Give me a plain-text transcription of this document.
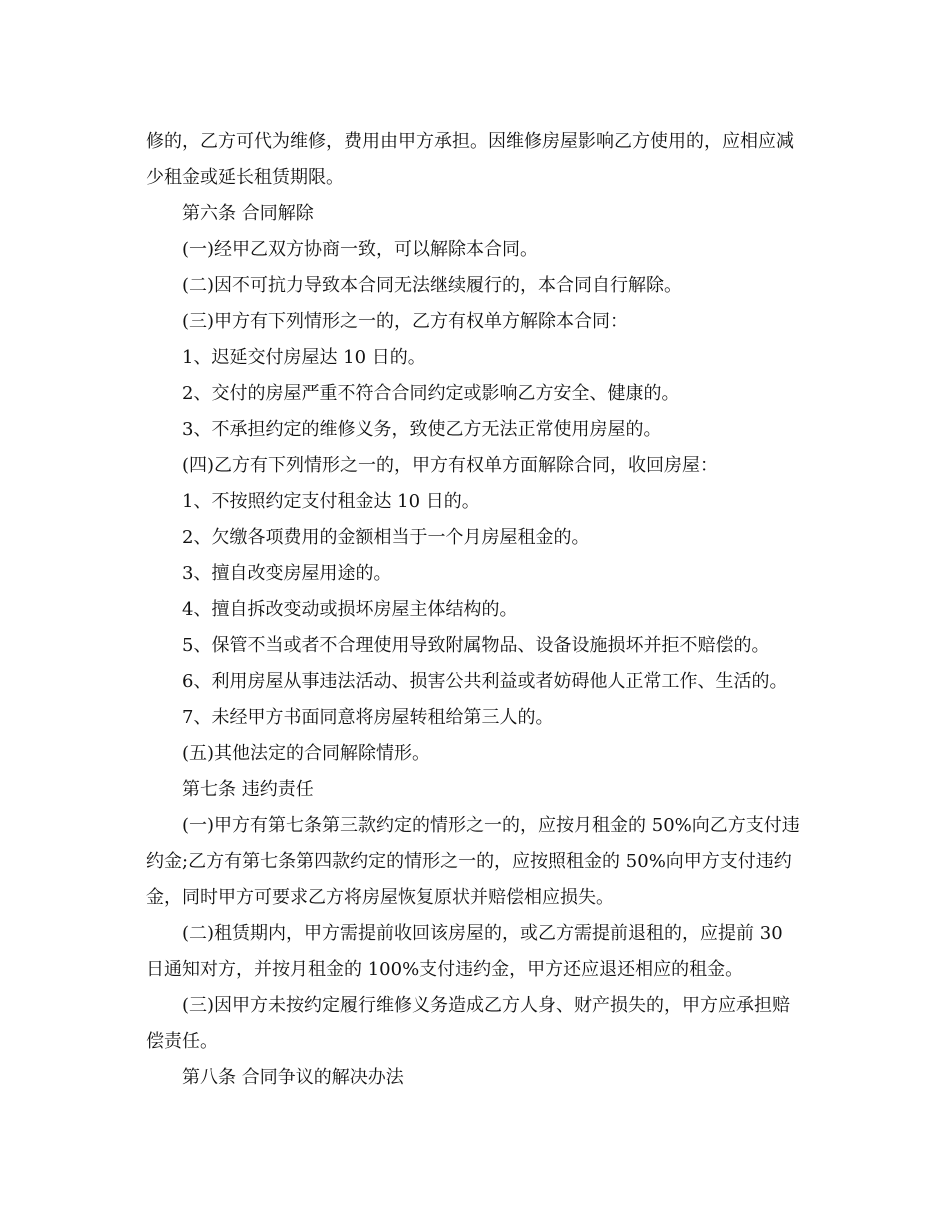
修的，乙方可代为维修，费用由甲方承担。因维修房屋影响乙方使用的，应相应减少租金或延长租赁期限。

第六条 合同解除

(一)经甲乙双方协商一致，可以解除本合同。

(二)因不可抗力导致本合同无法继续履行的，本合同自行解除。

(三)甲方有下列情形之一的，乙方有权单方解除本合同：

1、迟延交付房屋达 10 日的。

2、交付的房屋严重不符合合同约定或影响乙方安全、健康的。

3、不承担约定的维修义务，致使乙方无法正常使用房屋的。

(四)乙方有下列情形之一的，甲方有权单方面解除合同，收回房屋：

1、不按照约定支付租金达 10 日的。

2、欠缴各项费用的金额相当于一个月房屋租金的。

3、擅自改变房屋用途的。

4、擅自拆改变动或损坏房屋主体结构的。

5、保管不当或者不合理使用导致附属物品、设备设施损坏并拒不赔偿的。

6、利用房屋从事违法活动、损害公共利益或者妨碍他人正常工作、生活的。

7、未经甲方书面同意将房屋转租给第三人的。

(五)其他法定的合同解除情形。

第七条 违约责任

(一)甲方有第七条第三款约定的情形之一的，应按月租金的 50%向乙方支付违约金;乙方有第七条第四款约定的情形之一的，应按照租金的 50%向甲方支付违约金，同时甲方可要求乙方将房屋恢复原状并赔偿相应损失。

(二)租赁期内，甲方需提前收回该房屋的，或乙方需提前退租的，应提前 30 日通知对方，并按月租金的 100%支付违约金，甲方还应退还相应的租金。

(三)因甲方未按约定履行维修义务造成乙方人身、财产损失的，甲方应承担赔偿责任。

第八条 合同争议的解决办法
